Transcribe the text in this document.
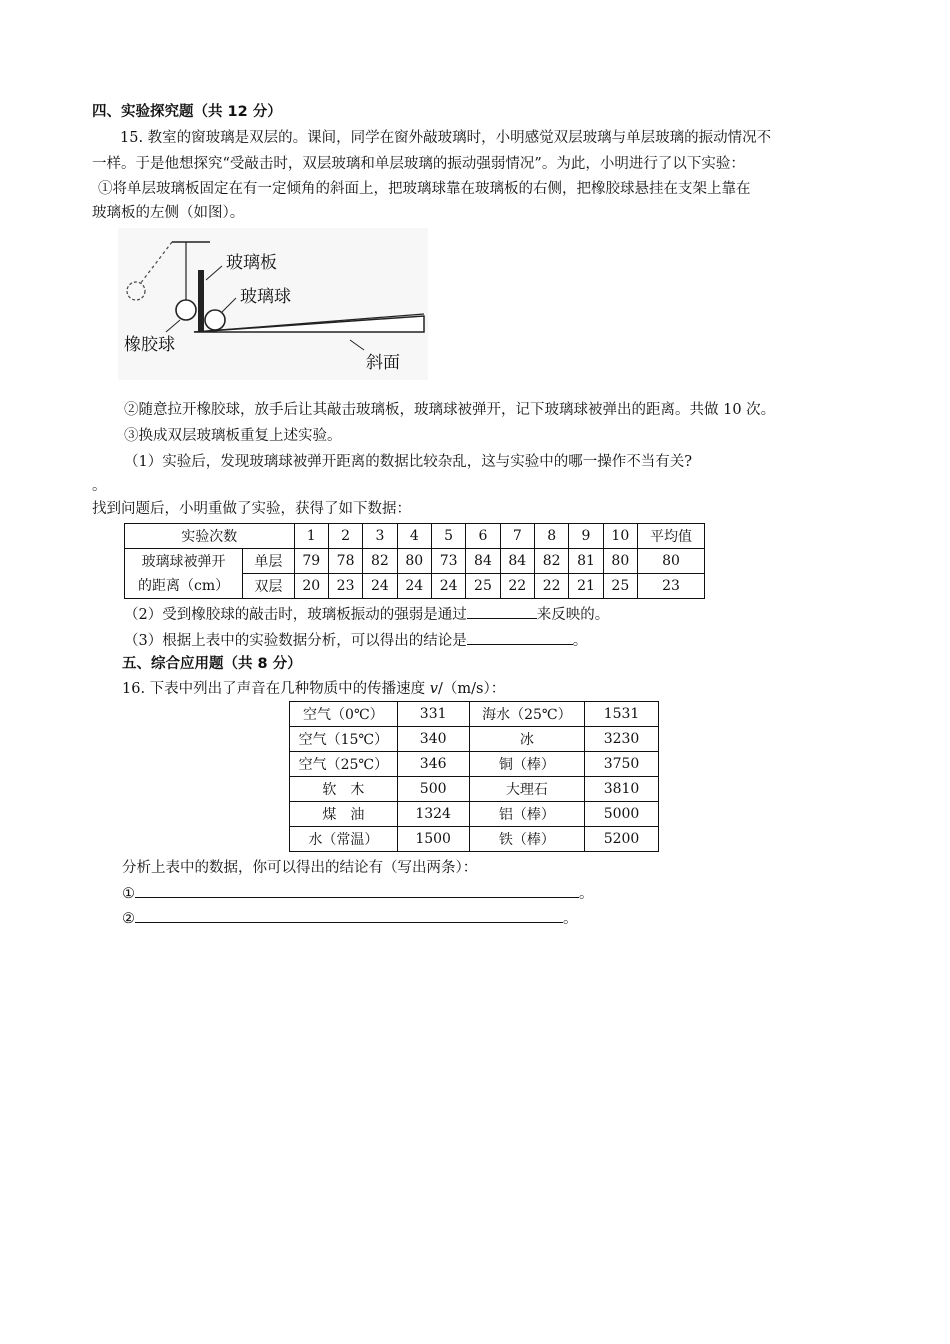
四、实验探究题（共 12 分）
15. 教室的窗玻璃是双层的。课间，同学在窗外敲玻璃时，小明感觉双层玻璃与单层玻璃的振动情况不
一样。于是他想探究“受敲击时，双层玻璃和单层玻璃的振动强弱情况”。为此，小明进行了以下实验：
①将单层玻璃板固定在有一定倾角的斜面上，把玻璃球靠在玻璃板的右侧，把橡胶球悬挂在支架上靠在
玻璃板的左侧（如图）。
玻璃板
玻璃球
橡胶球
斜面
②随意拉开橡胶球，放手后让其敲击玻璃板，玻璃球被弹开，记下玻璃球被弹出的距离。共做 10 次。
③换成双层玻璃板重复上述实验。
（1）实验后，发现玻璃球被弹开距离的数据比较杂乱，这与实验中的哪一操作不当有关?
。
找到问题后，小明重做了实验，获得了如下数据：
实验次数		1	2	3	4	5	6	7	8	9	10	平均值

玻璃球被弹开
的距离（cm）	单层	79	78	82	80	73	84	84	82	81	80	80
	双层	20	23	24	24	24	25	22	22	21	25	23
（2）受到橡胶球的敲击时，玻璃板振动的强弱是通过	来反映的。
（3）根据上表中的实验数据分析，可以得出的结论是	。
五、综合应用题（共 8 分）
16. 下表中列出了声音在几种物质中的传播速度 v/（m/s）：
空气（0℃）	331	海水（25℃）	1531
空气（15℃）	340	冰	3230
空气（25℃）	346	铜（棒）	3750
软　木	500	大理石	3810
煤　油	1324	铝（棒）	5000
水（常温）	1500	铁（棒）	5200
分析上表中的数据，你可以得出的结论有（写出两条）：
①	。
②	。
